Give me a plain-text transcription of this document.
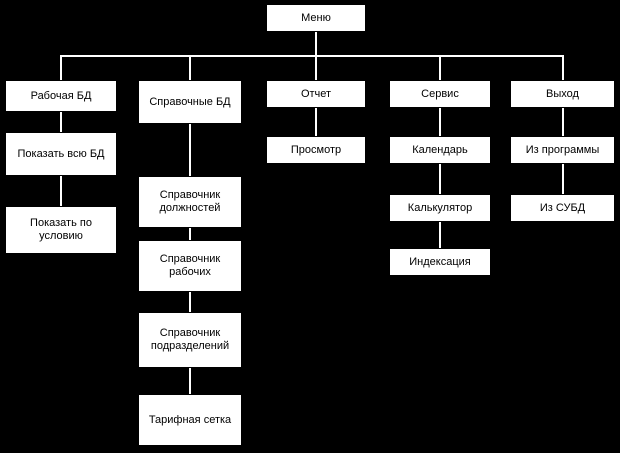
Меню
Рабочая БД
Показать всю БД
Показать по условию
Справочные БД
Справочник должностей
Справочник рабочих
Справочник подразделений
Тарифная сетка
Отчет
Просмотр
Сервис
Календарь
Калькулятор
Индексация
Выход
Из программы
Из СУБД
